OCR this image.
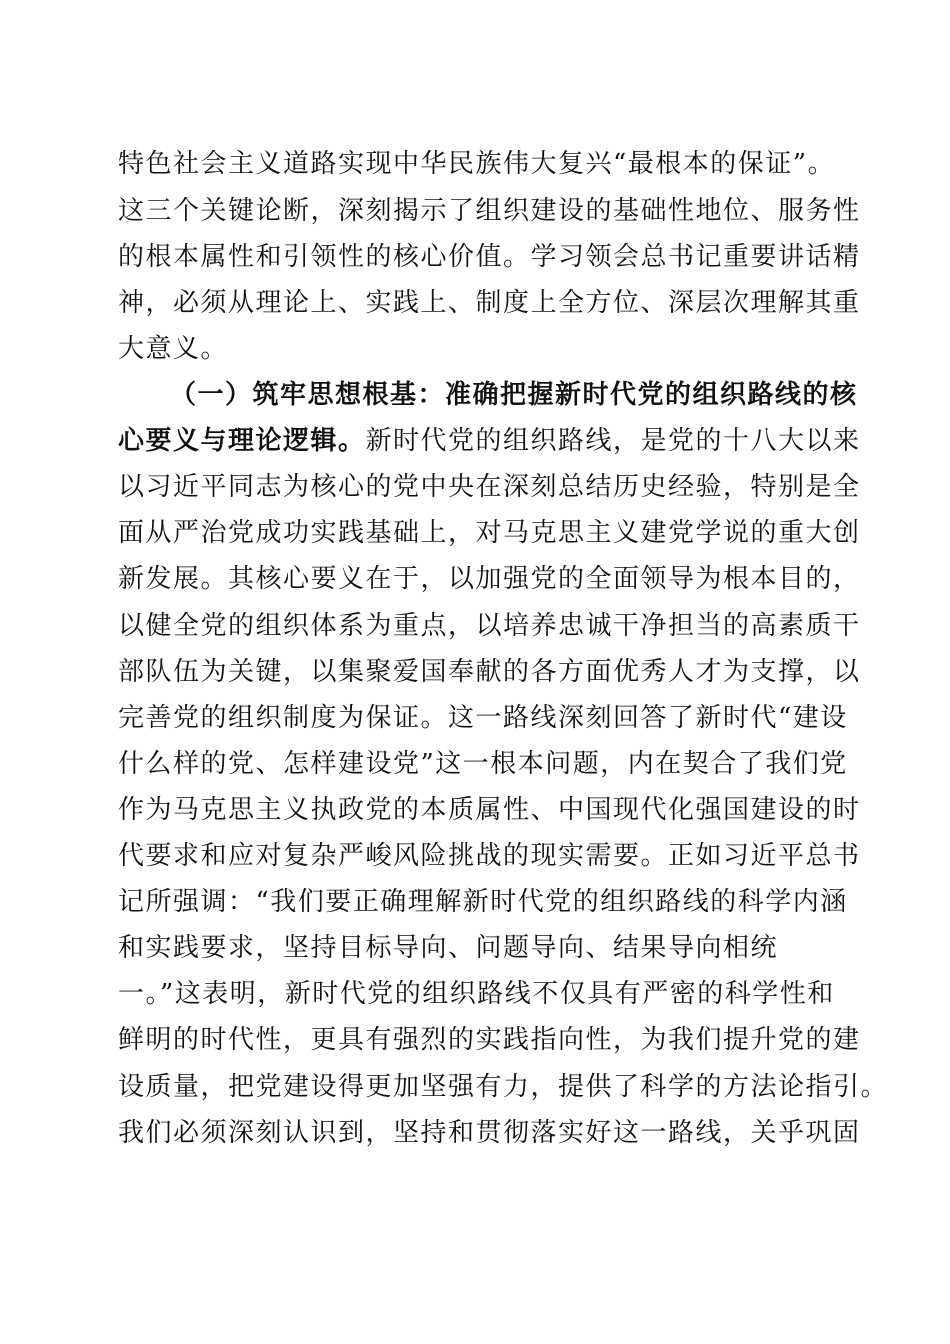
特色社会主义道路实现中华民族伟大复兴“最根本的保证”。
这三个关键论断，深刻揭示了组织建设的基础性地位、服务性
的根本属性和引领性的核心价值。学习领会总书记重要讲话精
神，必须从理论上、实践上、制度上全方位、深层次理解其重
大意义。
（一）筑牢思想根基：准确把握新时代党的组织路线的核
心要义与理论逻辑。新时代党的组织路线，是党的十八大以来
以习近平同志为核心的党中央在深刻总结历史经验，特别是全
面从严治党成功实践基础上，对马克思主义建党学说的重大创
新发展。其核心要义在于，以加强党的全面领导为根本目的，
以健全党的组织体系为重点，以培养忠诚干净担当的高素质干
部队伍为关键，以集聚爱国奉献的各方面优秀人才为支撑，以
完善党的组织制度为保证。这一路线深刻回答了新时代“建设
什么样的党、怎样建设党”这一根本问题，内在契合了我们党
作为马克思主义执政党的本质属性、中国现代化强国建设的时
代要求和应对复杂严峻风险挑战的现实需要。正如习近平总书
记所强调：“我们要正确理解新时代党的组织路线的科学内涵
和实践要求，坚持目标导向、问题导向、结果导向相统
一。”这表明，新时代党的组织路线不仅具有严密的科学性和
鲜明的时代性，更具有强烈的实践指向性，为我们提升党的建
设质量，把党建设得更加坚强有力，提供了科学的方法论指引。
我们必须深刻认识到，坚持和贯彻落实好这一路线，关乎巩固
